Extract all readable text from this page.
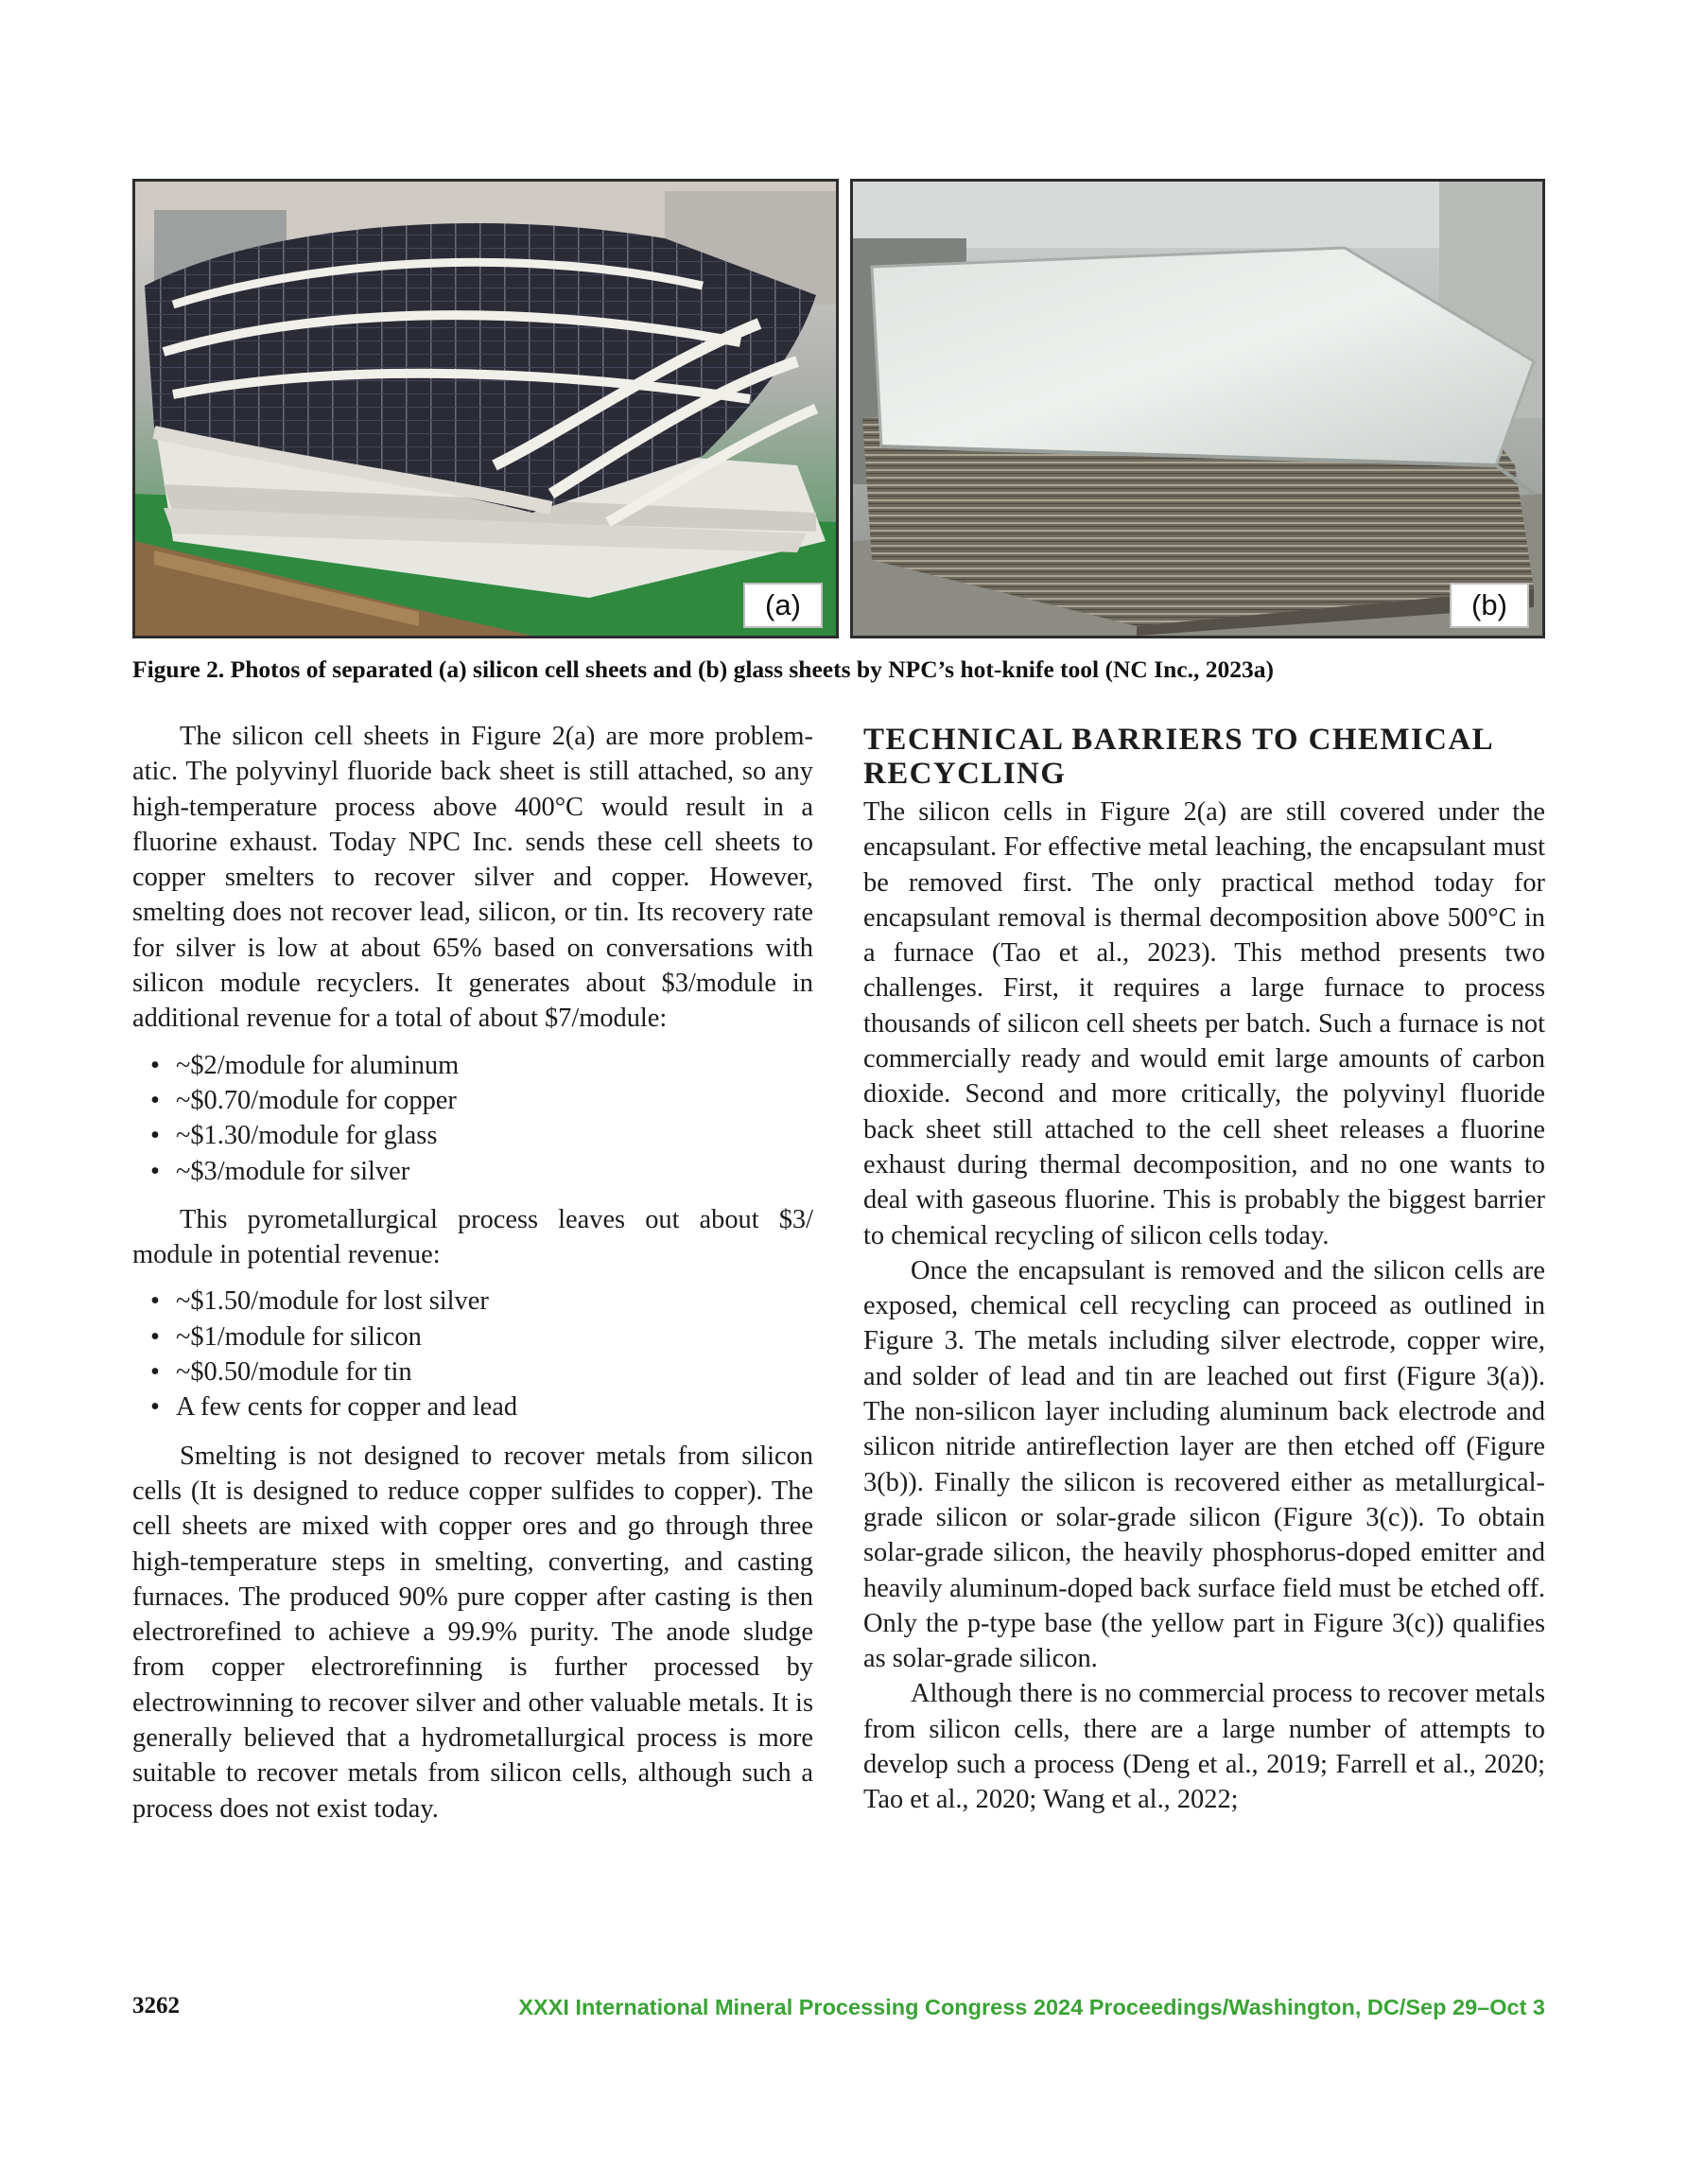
(a)	(b)
Figure 2. Photos of separated (a) silicon cell sheets and (b) glass sheets by NPC’s hot-knife tool (NC Inc., 2023a)

The silicon cell sheets in Figure 2(a) are more problematic. The polyvinyl fluoride back sheet is still attached, so any high-temperature process above 400°C would result in a fluorine exhaust. Today NPC Inc. sends these cell sheets to copper smelters to recover silver and copper. However, smelting does not recover lead, silicon, or tin. Its recovery rate for silver is low at about 65% based on conversations with silicon module recyclers. It generates about $3/module in additional revenue for a total of about $7/module:

• ~$2/module for aluminum
• ~$0.70/module for copper
• ~$1.30/module for glass
• ~$3/module for silver

This pyrometallurgical process leaves out about $3/ module in potential revenue:

• ~$1.50/module for lost silver
• ~$1/module for silicon
• ~$0.50/module for tin
• A few cents for copper and lead

Smelting is not designed to recover metals from silicon cells (It is designed to reduce copper sulfides to copper). The cell sheets are mixed with copper ores and go through three high-temperature steps in smelting, converting, and casting furnaces. The produced 90% pure copper after casting is then electrorefined to achieve a 99.9% purity. The anode sludge from copper electrorefinning is further processed by electrowinning to recover silver and other valuable metals. It is generally believed that a hydrometallurgical process is more suitable to recover metals from silicon cells, although such a process does not exist today.

TECHNICAL BARRIERS TO CHEMICAL RECYCLING

The silicon cells in Figure 2(a) are still covered under the encapsulant. For effective metal leaching, the encapsulant must be removed first. The only practical method today for encapsulant removal is thermal decomposition above 500°C in a furnace (Tao et al., 2023). This method presents two challenges. First, it requires a large furnace to process thousands of silicon cell sheets per batch. Such a furnace is not commercially ready and would emit large amounts of carbon dioxide. Second and more critically, the polyvinyl fluoride back sheet still attached to the cell sheet releases a fluorine exhaust during thermal decomposition, and no one wants to deal with gaseous fluorine. This is probably the biggest barrier to chemical recycling of silicon cells today.

Once the encapsulant is removed and the silicon cells are exposed, chemical cell recycling can proceed as outlined in Figure 3. The metals including silver electrode, copper wire, and solder of lead and tin are leached out first (Figure 3(a)). The non-silicon layer including aluminum back electrode and silicon nitride antireflection layer are then etched off (Figure 3(b)). Finally the silicon is recovered either as metallurgical-grade silicon or solar-grade silicon (Figure 3(c)). To obtain solar-grade silicon, the heavily phosphorus-doped emitter and heavily aluminum-doped back surface field must be etched off. Only the p-type base (the yellow part in Figure 3(c)) qualifies as solar-grade silicon.

Although there is no commercial process to recover metals from silicon cells, there are a large number of attempts to develop such a process (Deng et al., 2019; Farrell et al., 2020; Tao et al., 2020; Wang et al., 2022;

3262	XXXI International Mineral Processing Congress 2024 Proceedings/Washington, DC/Sep 29–Oct 3
